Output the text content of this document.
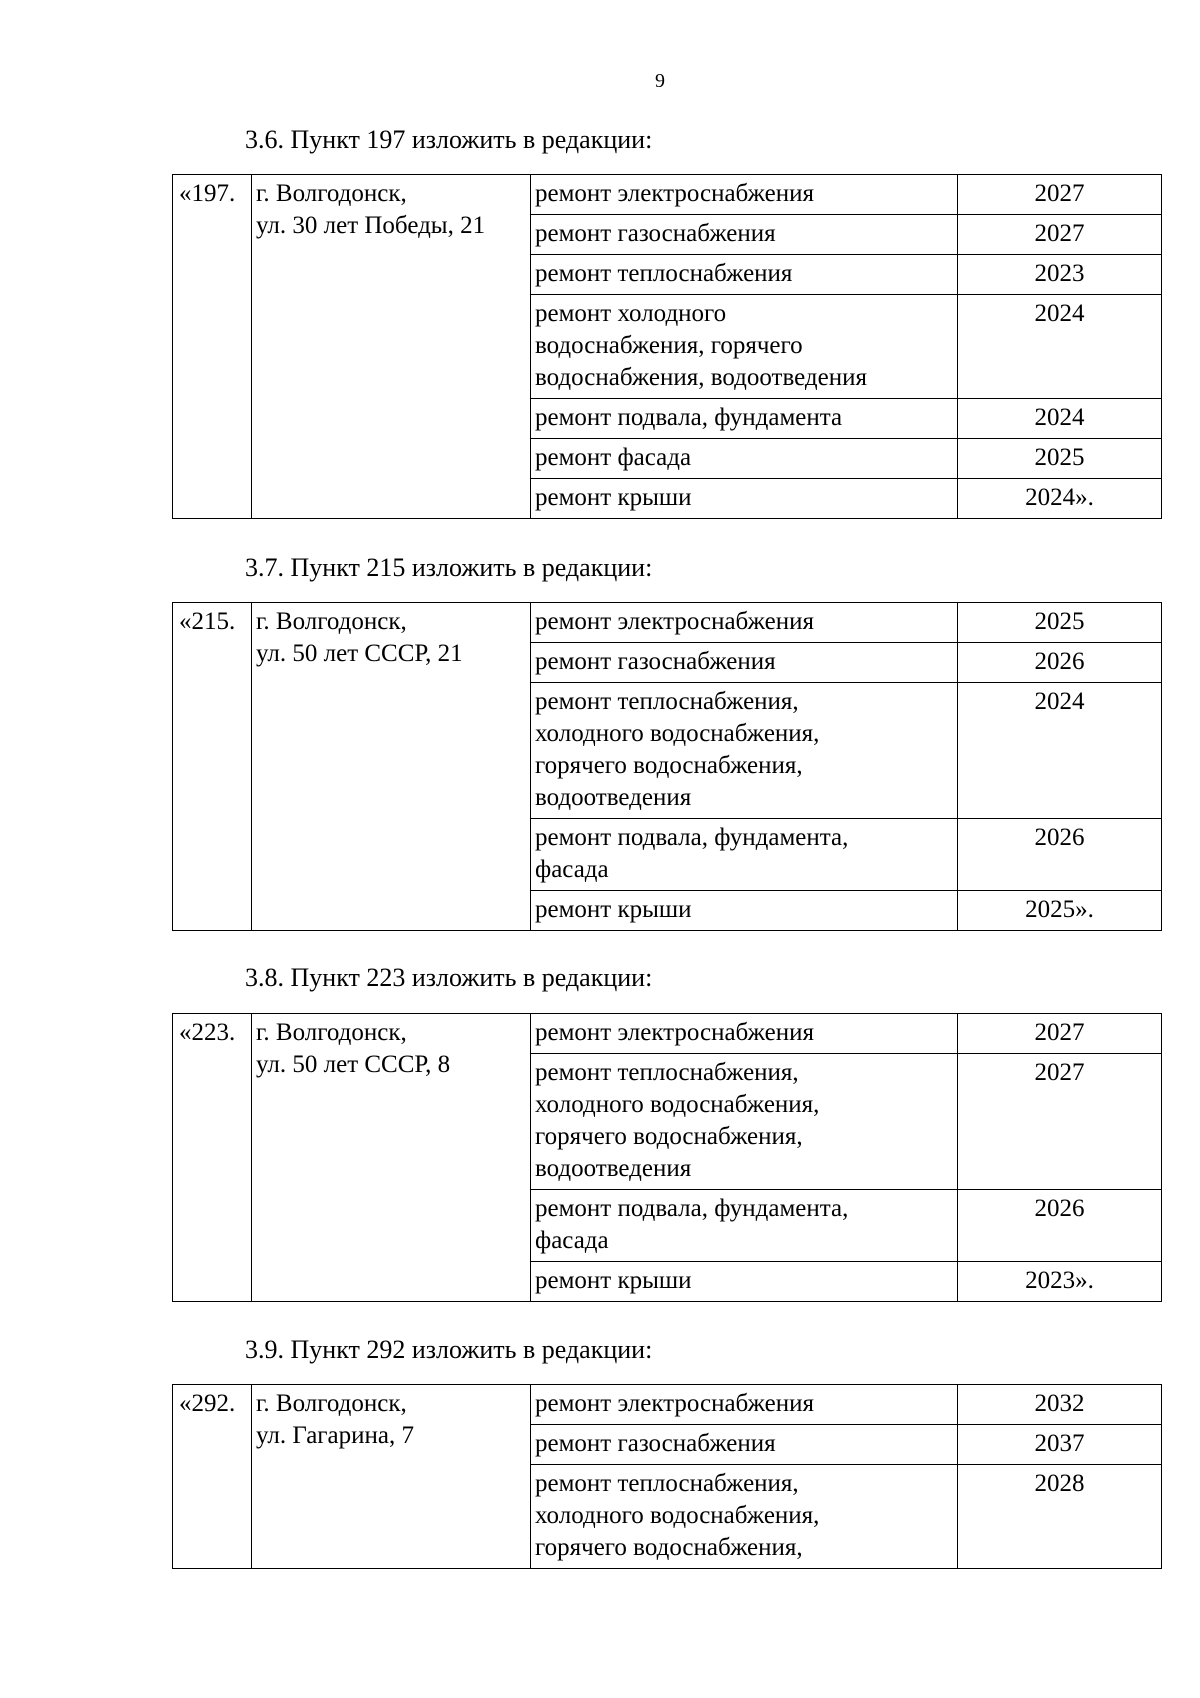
9
3.6. Пункт 197 изложить в редакции:
«197.	г. Волгодонск,
ул. 30 лет Победы, 21	ремонт электроснабжения	2027
		ремонт газоснабжения	2027
		ремонт теплоснабжения	2023
		ремонт холодного
водоснабжения, горячего
водоснабжения, водоотведения	2024
		ремонт подвала, фундамента	2024
		ремонт фасада	2025
		ремонт крыши	2024».
3.7. Пункт 215 изложить в редакции:
«215.	г. Волгодонск,
ул. 50 лет СССР, 21	ремонт электроснабжения	2025
		ремонт газоснабжения	2026
		ремонт теплоснабжения,
холодного водоснабжения,
горячего водоснабжения,
водоотведения	2024
		ремонт подвала, фундамента,
фасада	2026
		ремонт крыши	2025».
3.8. Пункт 223 изложить в редакции:
«223.	г. Волгодонск,
ул. 50 лет СССР, 8	ремонт электроснабжения	2027
		ремонт теплоснабжения,
холодного водоснабжения,
горячего водоснабжения,
водоотведения	2027
		ремонт подвала, фундамента,
фасада	2026
		ремонт крыши	2023».
3.9. Пункт 292 изложить в редакции:
«292.	г. Волгодонск,
ул. Гагарина, 7	ремонт электроснабжения	2032
		ремонт газоснабжения	2037
		ремонт теплоснабжения,
холодного водоснабжения,
горячего водоснабжения,	2028
